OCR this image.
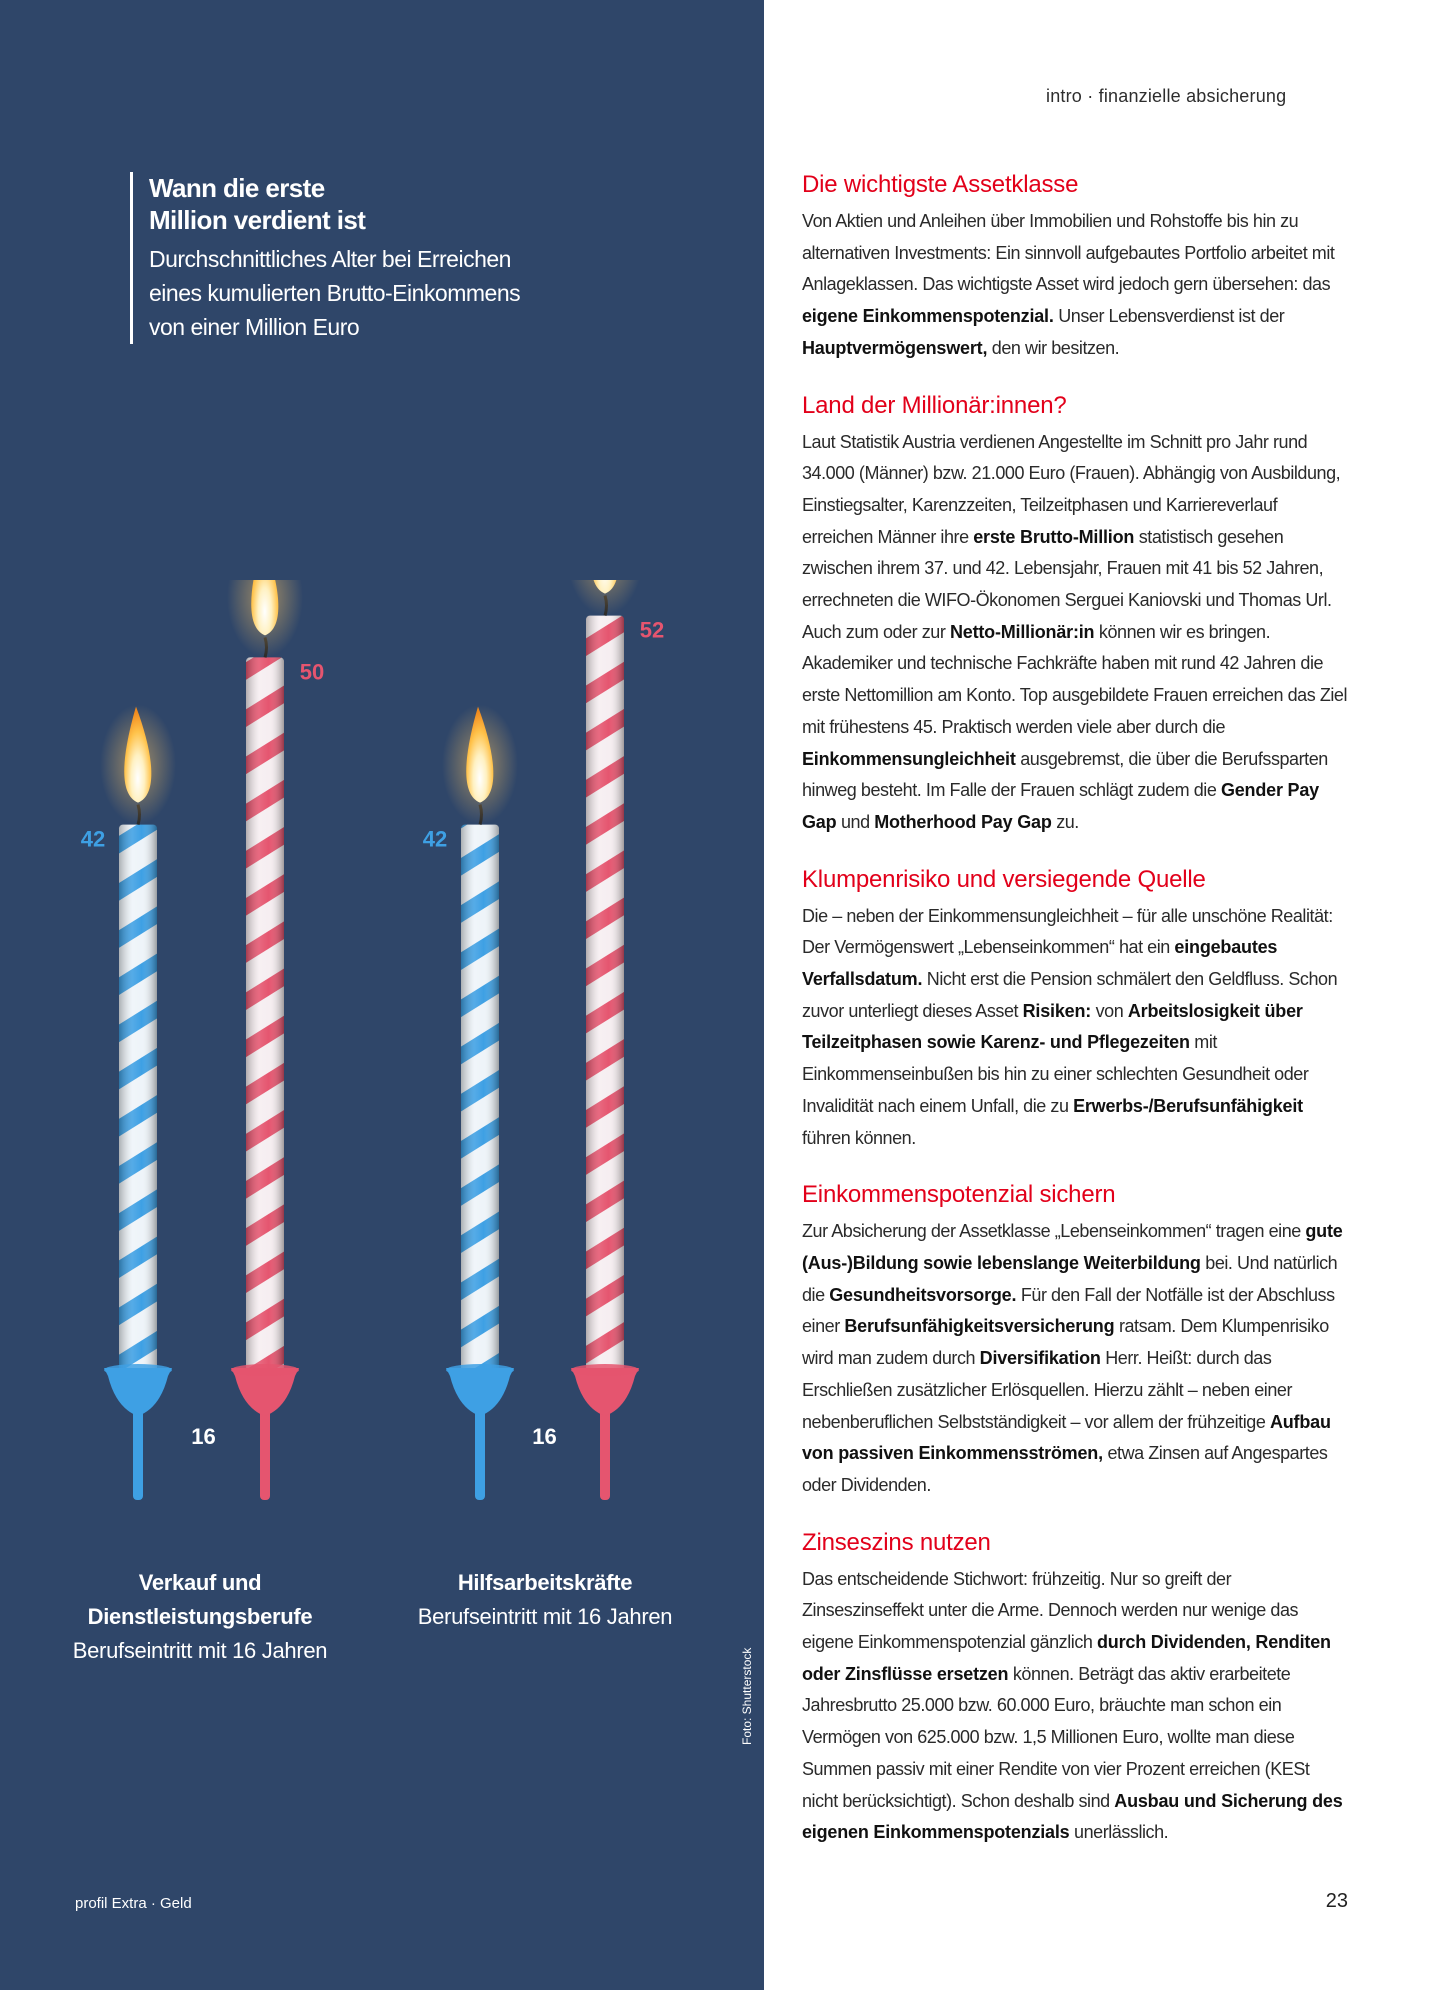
intro · finanzielle absicherung
Wann die erste
Million verdient ist
Durchschnittliches Alter bei Erreichen
eines kumulierten Brutto-Einkommens
von einer Million Euro
42
50
16
42
52
16
Verkauf und
Dienstleistungsberufe
Berufseintritt mit 16 Jahren
Hilfsarbeitskräfte
Berufseintritt mit 16 Jahren
Foto: Shutterstock
profil Extra · Geld	23
Die wichtigste Assetklasse

Von Aktien und Anleihen über Immobilien und Rohstoffe bis hin zu alternativen Investments: Ein sinnvoll aufgebautes Portfolio arbeitet mit Anlageklassen. Das wichtigste Asset wird jedoch gern übersehen: das eigene Einkommenspotenzial. Unser Lebensverdienst ist der Hauptvermögenswert, den wir besitzen.

Land der Millionär:innen?

Laut Statistik Austria verdienen Angestellte im Schnitt pro Jahr rund 34.000 (Männer) bzw. 21.000 Euro (Frauen). Abhängig von Ausbildung, Einstiegsalter, Karenzzeiten, Teilzeitphasen und Karriereverlauf erreichen Männer ihre erste Brutto-Million statistisch gesehen zwischen ihrem 37. und 42. Lebensjahr, Frauen mit 41 bis 52 Jahren, errechneten die WIFO-Ökonomen Serguei Kaniovski und Thomas Url. Auch zum oder zur Netto-Millionär:in können wir es bringen. Akademiker und technische Fachkräfte haben mit rund 42 Jahren die erste Nettomillion am Konto. Top ausgebildete Frauen erreichen das Ziel mit frühestens 45. Praktisch werden viele aber durch die Einkommensungleichheit ausgebremst, die über die Berufssparten hinweg besteht. Im Falle der Frauen schlägt zudem die Gender Pay Gap und Motherhood Pay Gap zu.

Klumpenrisiko und versiegende Quelle

Die – neben der Einkommensungleichheit – für alle unschöne Realität: Der Vermögenswert „Lebenseinkommen“ hat ein eingebautes Verfallsdatum. Nicht erst die Pension schmälert den Geldfluss. Schon zuvor unterliegt dieses Asset Risiken: von Arbeitslosigkeit über Teilzeitphasen sowie Karenz- und Pflegezeiten mit Einkommenseinbußen bis hin zu einer schlechten Gesundheit oder Invalidität nach einem Unfall, die zu Erwerbs-/Berufsunfähigkeit führen können.

Einkommenspotenzial sichern

Zur Absicherung der Assetklasse „Lebenseinkommen“ tragen eine gute (Aus-)Bildung sowie lebenslange Weiterbildung bei. Und natürlich die Gesundheitsvorsorge. Für den Fall der Notfälle ist der Abschluss einer Berufsunfähigkeitsversicherung ratsam. Dem Klumpenrisiko wird man zudem durch Diversifikation Herr. Heißt: durch das Erschließen zusätzlicher Erlösquellen. Hierzu zählt – neben einer nebenberuflichen Selbstständigkeit – vor allem der frühzeitige Aufbau von passiven Einkommensströmen, etwa Zinsen auf Angespartes oder Dividenden.

Zinseszins nutzen

Das entscheidende Stichwort: frühzeitig. Nur so greift der Zinseszinseffekt unter die Arme. Dennoch werden nur wenige das eigene Einkommenspotenzial gänzlich durch Dividenden, Renditen oder Zinsflüsse ersetzen können. Beträgt das aktiv erarbeitete Jahresbrutto 25.000 bzw. 60.000 Euro, bräuchte man schon ein Vermögen von 625.000 bzw. 1,5 Millionen Euro, wollte man diese Summen passiv mit einer Rendite von vier Prozent erreichen (KESt nicht berücksichtigt). Schon deshalb sind Ausbau und Sicherung des eigenen Einkommenspotenzials unerlässlich.
